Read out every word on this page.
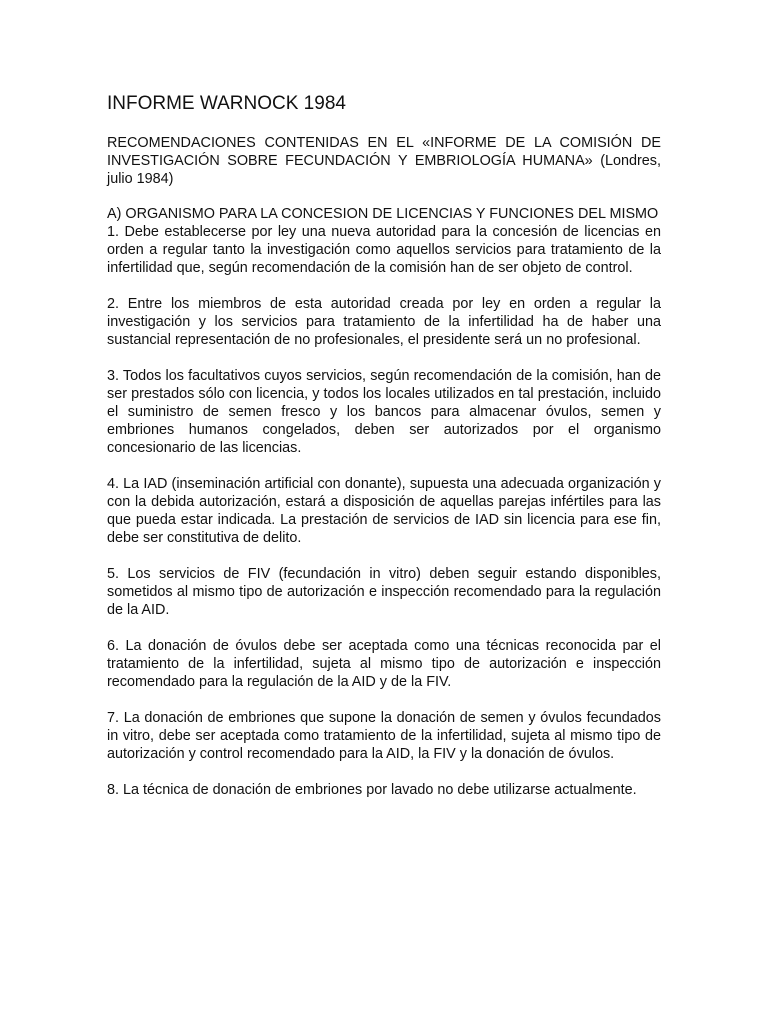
INFORME WARNOCK 1984

RECOMENDACIONES CONTENIDAS EN EL «INFORME DE LA COMISIÓN DE INVESTIGACIÓN SOBRE FECUNDACIÓN Y EMBRIOLOGÍA HUMANA» (Londres, julio 1984)

A) ORGANISMO PARA LA CONCESION DE LICENCIAS Y FUNCIONES DEL MISMO

1. Debe establecerse por ley una nueva autoridad para la concesión de licencias en orden a regular tanto la investigación como aquellos servicios para tratamiento de la infertilidad que, según recomendación de la comisión han de ser objeto de control.

2. Entre los miembros de esta autoridad creada por ley en orden a regular la investigación y los servicios para tratamiento de la infertilidad ha de haber una sustancial representación de no profesionales, el presidente será un no profesional.

3. Todos los facultativos cuyos servicios, según recomendación de la comisión, han de ser prestados sólo con licencia, y todos los locales utilizados en tal prestación, incluido el suministro de semen fresco y los bancos para almacenar óvulos, semen y embriones humanos congelados, deben ser autorizados por el organismo concesionario de las licencias.

4. La IAD (inseminación artificial con donante), supuesta una adecuada organización y con la debida autorización, estará a disposición de aquellas parejas infértiles para las que pueda estar indicada. La prestación de servicios de IAD sin licencia para ese fin, debe ser constitutiva de delito.

5. Los servicios de FIV (fecundación in vitro) deben seguir estando disponibles, sometidos al mismo tipo de autorización e inspección recomendado para la regulación de la AID.

6. La donación de óvulos debe ser aceptada como una técnicas reconocida par el tratamiento de la infertilidad, sujeta al mismo tipo de autorización e inspección recomendado para la regulación de la AID y de la FIV.

7. La donación de embriones que supone la donación de semen y óvulos fecundados in vitro, debe ser aceptada como tratamiento de la infertilidad, sujeta al mismo tipo de autorización y control recomendado para la AID, la FIV y la donación de óvulos.

8. La técnica de donación de embriones por lavado no debe utilizarse actualmente.
